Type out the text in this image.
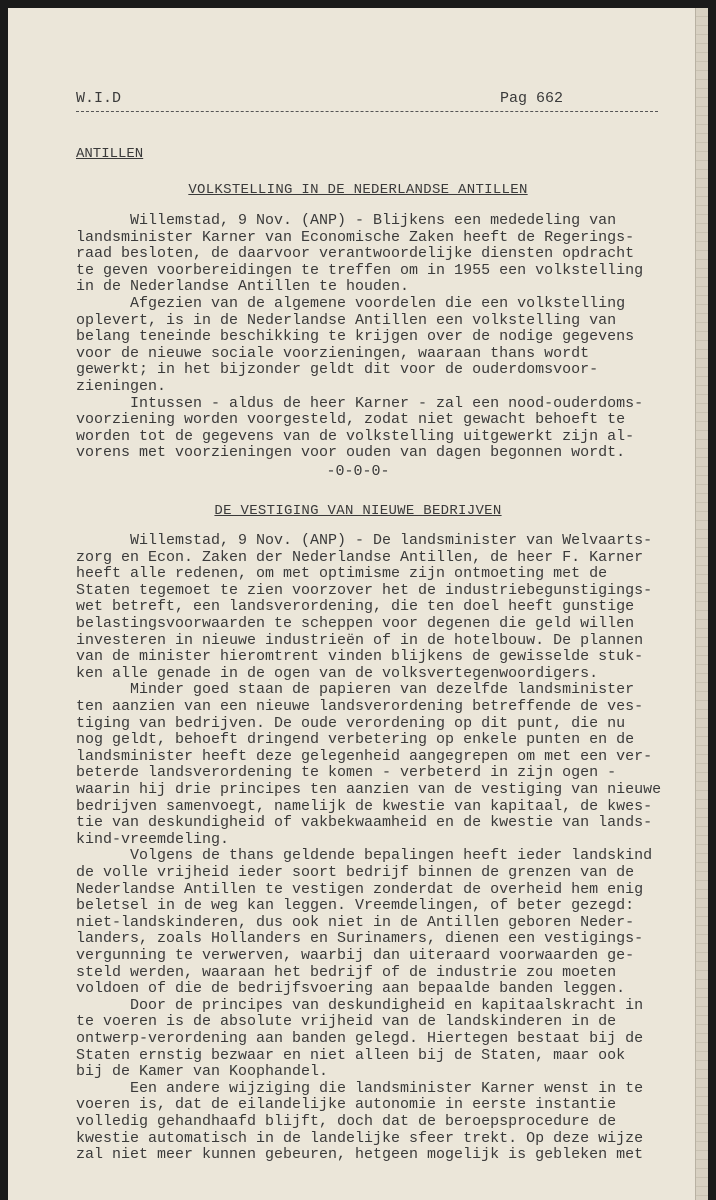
W.I.D	Pag 662
ANTILLEN
VOLKSTELLING IN DE NEDERLANDSE ANTILLEN
Willemstad, 9 Nov. (ANP) - Blijkens een mededeling van
landsminister Karner van Economische Zaken heeft de Regerings-
raad besloten, de daarvoor verantwoordelijke diensten opdracht
te geven voorbereidingen te treffen om in 1955 een volkstelling
in de Nederlandse Antillen te houden.
Afgezien van de algemene voordelen die een volkstelling
oplevert, is in de Nederlandse Antillen een volkstelling van
belang teneinde beschikking te krijgen over de nodige gegevens
voor de nieuwe sociale voorzieningen, waaraan thans wordt
gewerkt; in het bijzonder geldt dit voor de ouderdomsvoor-
zieningen.
Intussen - aldus de heer Karner - zal een nood-ouderdoms-
voorziening worden voorgesteld, zodat niet gewacht behoeft te
worden tot de gegevens van de volkstelling uitgewerkt zijn al-
vorens met voorzieningen voor ouden van dagen begonnen wordt.
-0-0-0-
DE VESTIGING VAN NIEUWE BEDRIJVEN
Willemstad, 9 Nov. (ANP) - De landsminister van Welvaarts-
zorg en Econ. Zaken der Nederlandse Antillen, de heer F. Karner
heeft alle redenen, om met optimisme zijn ontmoeting met de
Staten tegemoet te zien voorzover het de industriebegunstigings-
wet betreft, een landsverordening, die ten doel heeft gunstige
belastingsvoorwaarden te scheppen voor degenen die geld willen
investeren in nieuwe industrieën of in de hotelbouw. De plannen
van de minister hieromtrent vinden blijkens de gewisselde stuk-
ken alle genade in de ogen van de volksvertegenwoordigers.
Minder goed staan de papieren van dezelfde landsminister
ten aanzien van een nieuwe landsverordening betreffende de ves-
tiging van bedrijven. De oude verordening op dit punt, die nu
nog geldt, behoeft dringend verbetering op enkele punten en de
landsminister heeft deze gelegenheid aangegrepen om met een ver-
beterde landsverordening te komen - verbeterd in zijn ogen -
waarin hij drie principes ten aanzien van de vestiging van nieuwe
bedrijven samenvoegt, namelijk de kwestie van kapitaal, de kwes-
tie van deskundigheid of vakbekwaamheid en de kwestie van lands-
kind-vreemdeling.
Volgens de thans geldende bepalingen heeft ieder landskind
de volle vrijheid ieder soort bedrijf binnen de grenzen van de
Nederlandse Antillen te vestigen zonderdat de overheid hem enig
beletsel in de weg kan leggen. Vreemdelingen, of beter gezegd:
niet-landskinderen, dus ook niet in de Antillen geboren Neder-
landers, zoals Hollanders en Surinamers, dienen een vestigings-
vergunning te verwerven, waarbij dan uiteraard voorwaarden ge-
steld werden, waaraan het bedrijf of de industrie zou moeten
voldoen of die de bedrijfsvoering aan bepaalde banden leggen.
Door de principes van deskundigheid en kapitaalskracht in
te voeren is de absolute vrijheid van de landskinderen in de
ontwerp-verordening aan banden gelegd. Hiertegen bestaat bij de
Staten ernstig bezwaar en niet alleen bij de Staten, maar ook
bij de Kamer van Koophandel.
Een andere wijziging die landsminister Karner wenst in te
voeren is, dat de eilandelijke autonomie in eerste instantie
volledig gehandhaafd blijft, doch dat de beroepsprocedure de
kwestie automatisch in de landelijke sfeer trekt. Op deze wijze
zal niet meer kunnen gebeuren, hetgeen mogelijk is gebleken met
